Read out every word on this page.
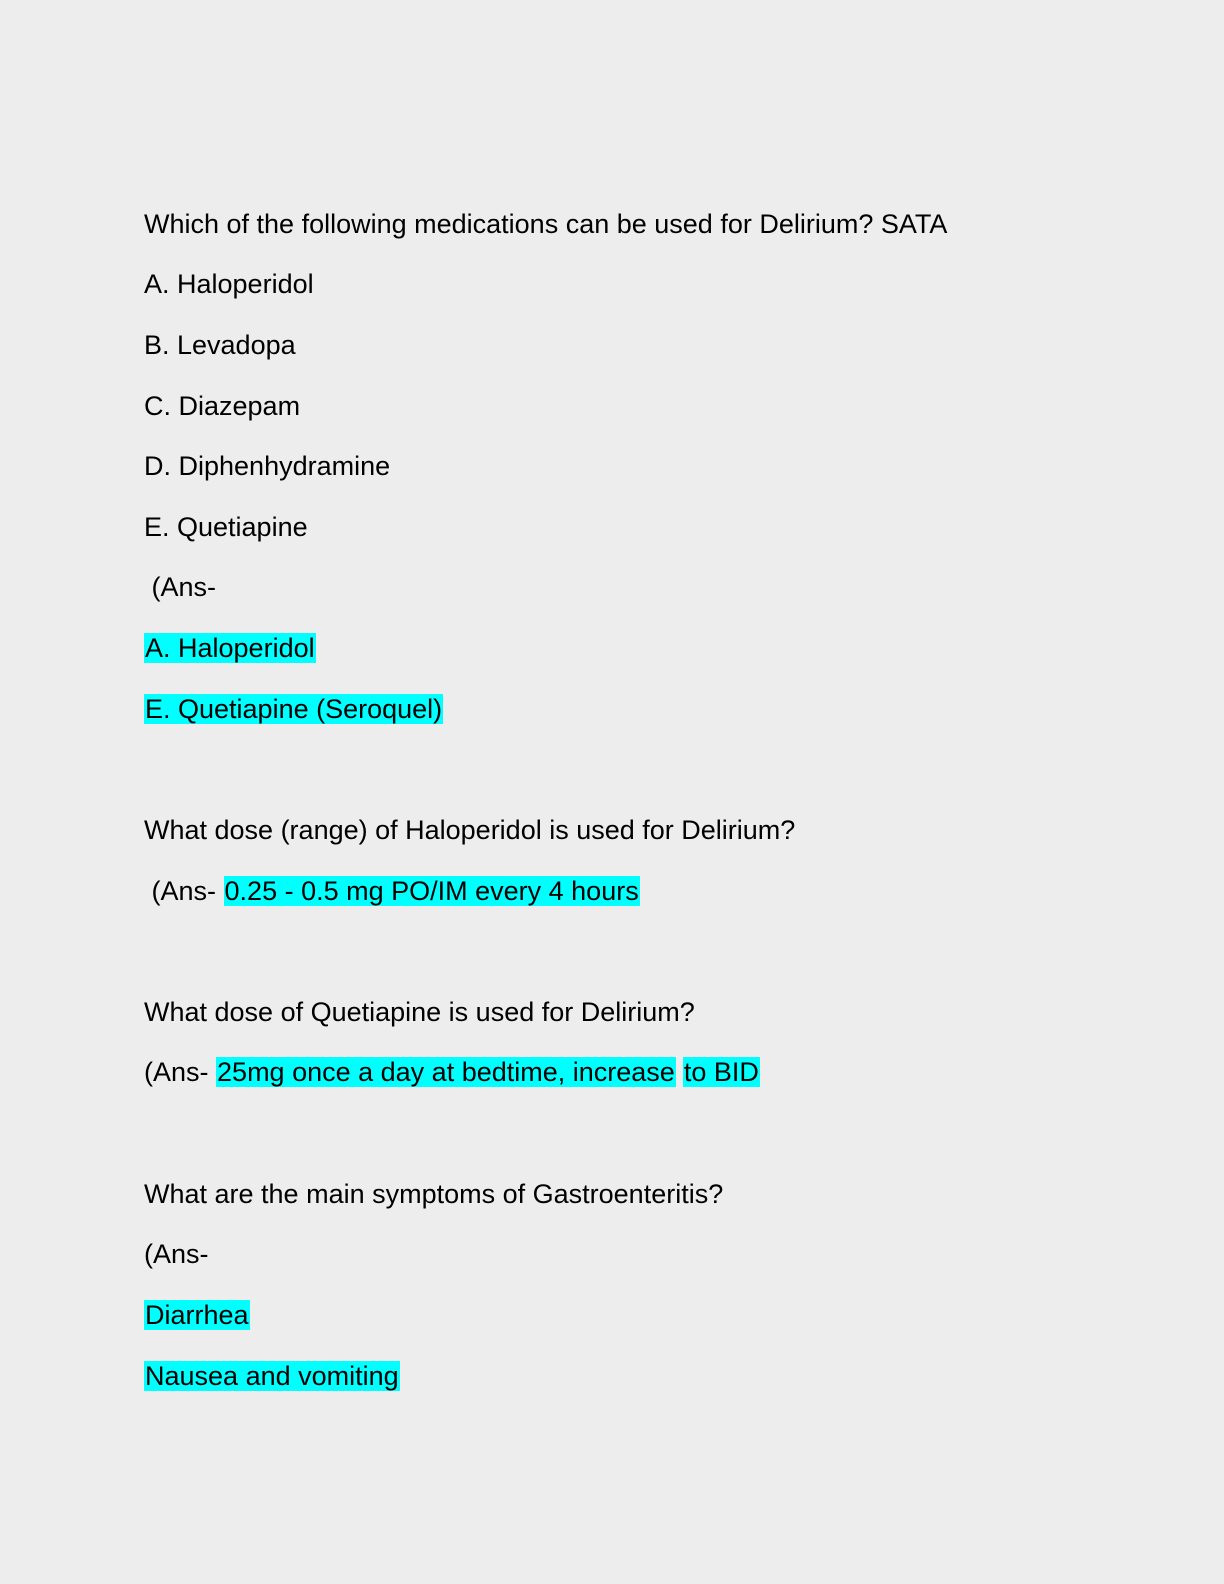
Which of the following medications can be used for Delirium? SATA
A. Haloperidol
B. Levadopa
C. Diazepam
D. Diphenhydramine
E. Quetiapine
(Ans-
A. Haloperidol
E. Quetiapine (Seroquel)
What dose (range) of Haloperidol is used for Delirium?
(Ans- 0.25 - 0.5 mg PO/IM every 4 hours
What dose of Quetiapine is used for Delirium?
(Ans- 25mg once a day at bedtime, increase to BID
What are the main symptoms of Gastroenteritis?
(Ans-
Diarrhea
Nausea and vomiting
